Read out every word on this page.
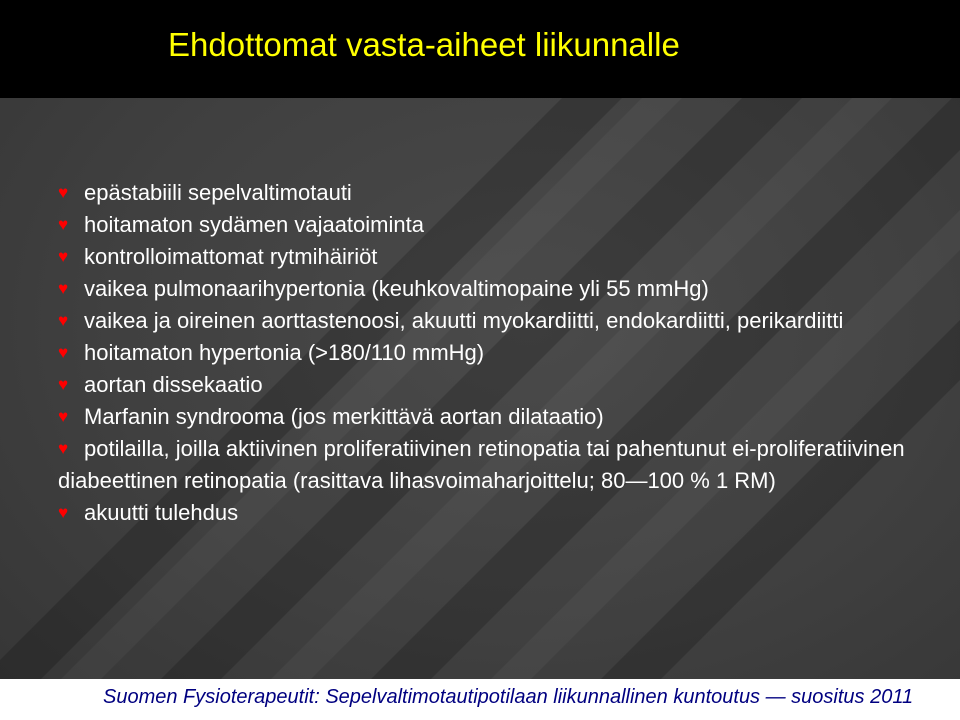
Ehdottomat vasta-aiheet liikunnalle
♥ epästabiili sepelvaltimotauti
♥ hoitamaton sydämen vajaatoiminta
♥ kontrolloimattomat rytmihäiriöt
♥ vaikea pulmonaarihypertonia (keuhkovaltimopaine yli 55 mmHg)
♥ vaikea ja oireinen aorttastenoosi, akuutti myokardiitti, endokardiitti, perikardiitti
♥ hoitamaton hypertonia (>180/110 mmHg)
♥ aortan dissekaatio
♥ Marfanin syndrooma (jos merkittävä aortan dilataatio)
♥ potilailla, joilla aktiivinen proliferatiivinen retinopatia tai pahentunut ei-proliferatiivinen diabeettinen retinopatia (rasittava lihasvoimaharjoittelu; 80—100 % 1 RM)
♥ akuutti tulehdus

Suomen Fysioterapeutit: Sepelvaltimotautipotilaan liikunnallinen kuntoutus — suositus 2011
